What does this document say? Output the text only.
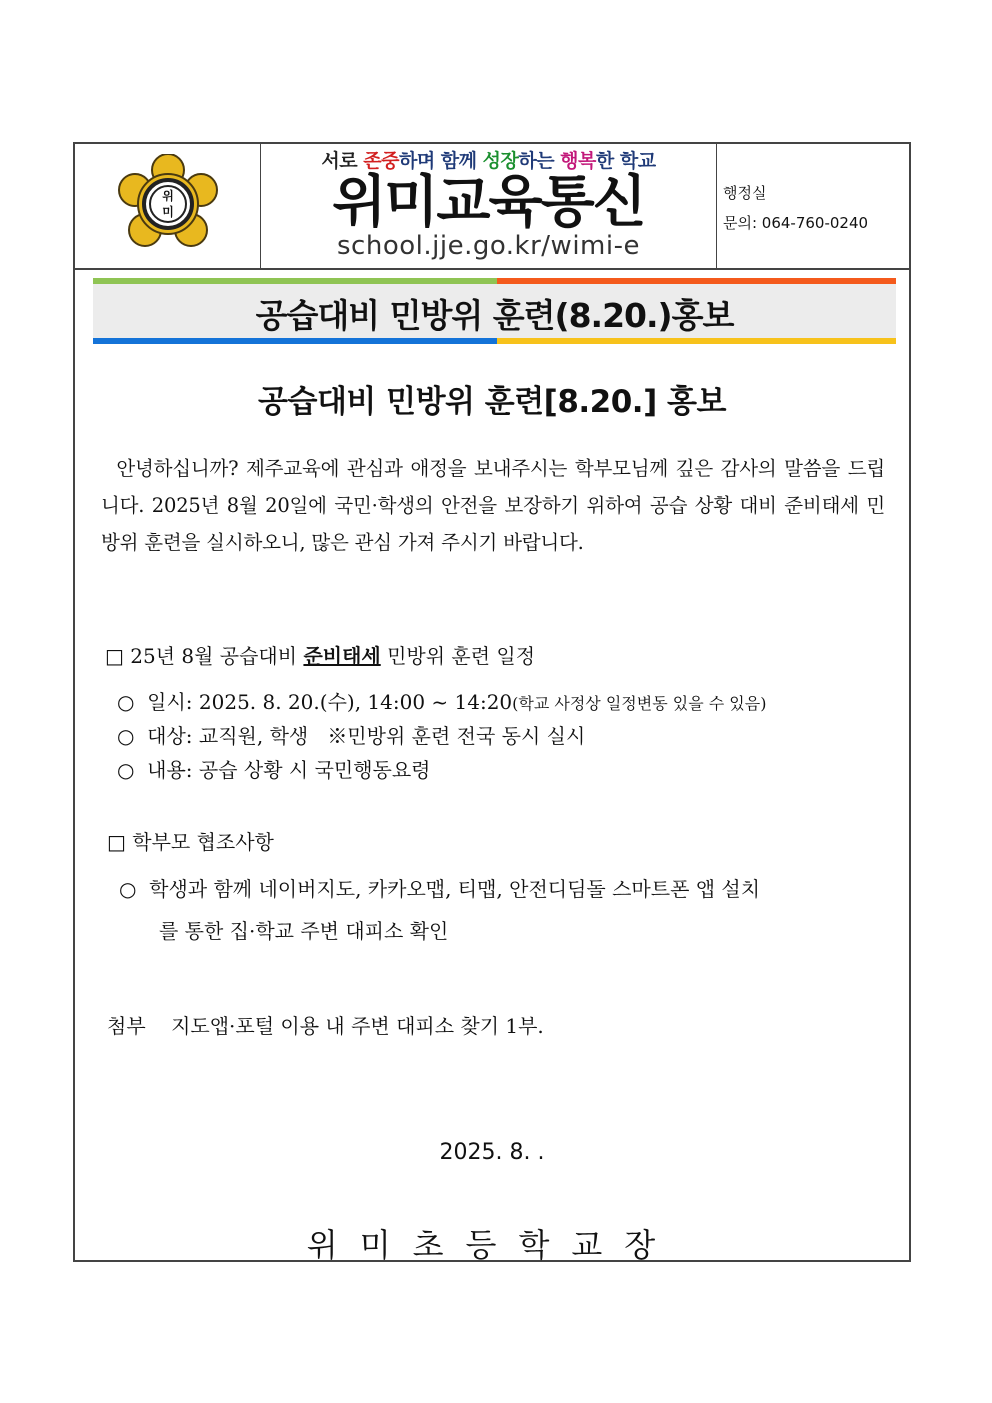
위
미
서로 존중하며 함께 성장하는 행복한 학교
위미교육통신
school.jje.go.kr/wimi-e
행정실
문의: 064-760-0240
공습대비 민방위 훈련(8.20.)홍보
공습대비 민방위 훈련[8.20.] 홍보
안녕하십니까? 제주교육에 관심과 애정을 보내주시는 학부모님께 깊은 감사의 말씀을 드립니다. 2025년 8월 20일에 국민·학생의 안전을 보장하기 위하여 공습 상황 대비 준비태세 민방위 훈련을 실시하오니, 많은 관심 가져 주시기 바랍니다.
□ 25년 8월 공습대비 준비태세 민방위 훈련 일정
○ 일시: 2025. 8. 20.(수), 14:00 ~ 14:20(학교 사정상 일정변동 있을 수 있음)
○ 대상: 교직원, 학생 ※민방위 훈련 전국 동시 실시
○ 내용: 공습 상황 시 국민행동요령
□ 학부모 협조사항
○ 학생과 함께 네이버지도, 카카오맵, 티맵, 안전디딤돌 스마트폰 앱 설치
를 통한 집·학교 주변 대피소 확인
첨부 지도앱·포털 이용 내 주변 대피소 찾기 1부.
2025. 8. .
위미초등학교장
